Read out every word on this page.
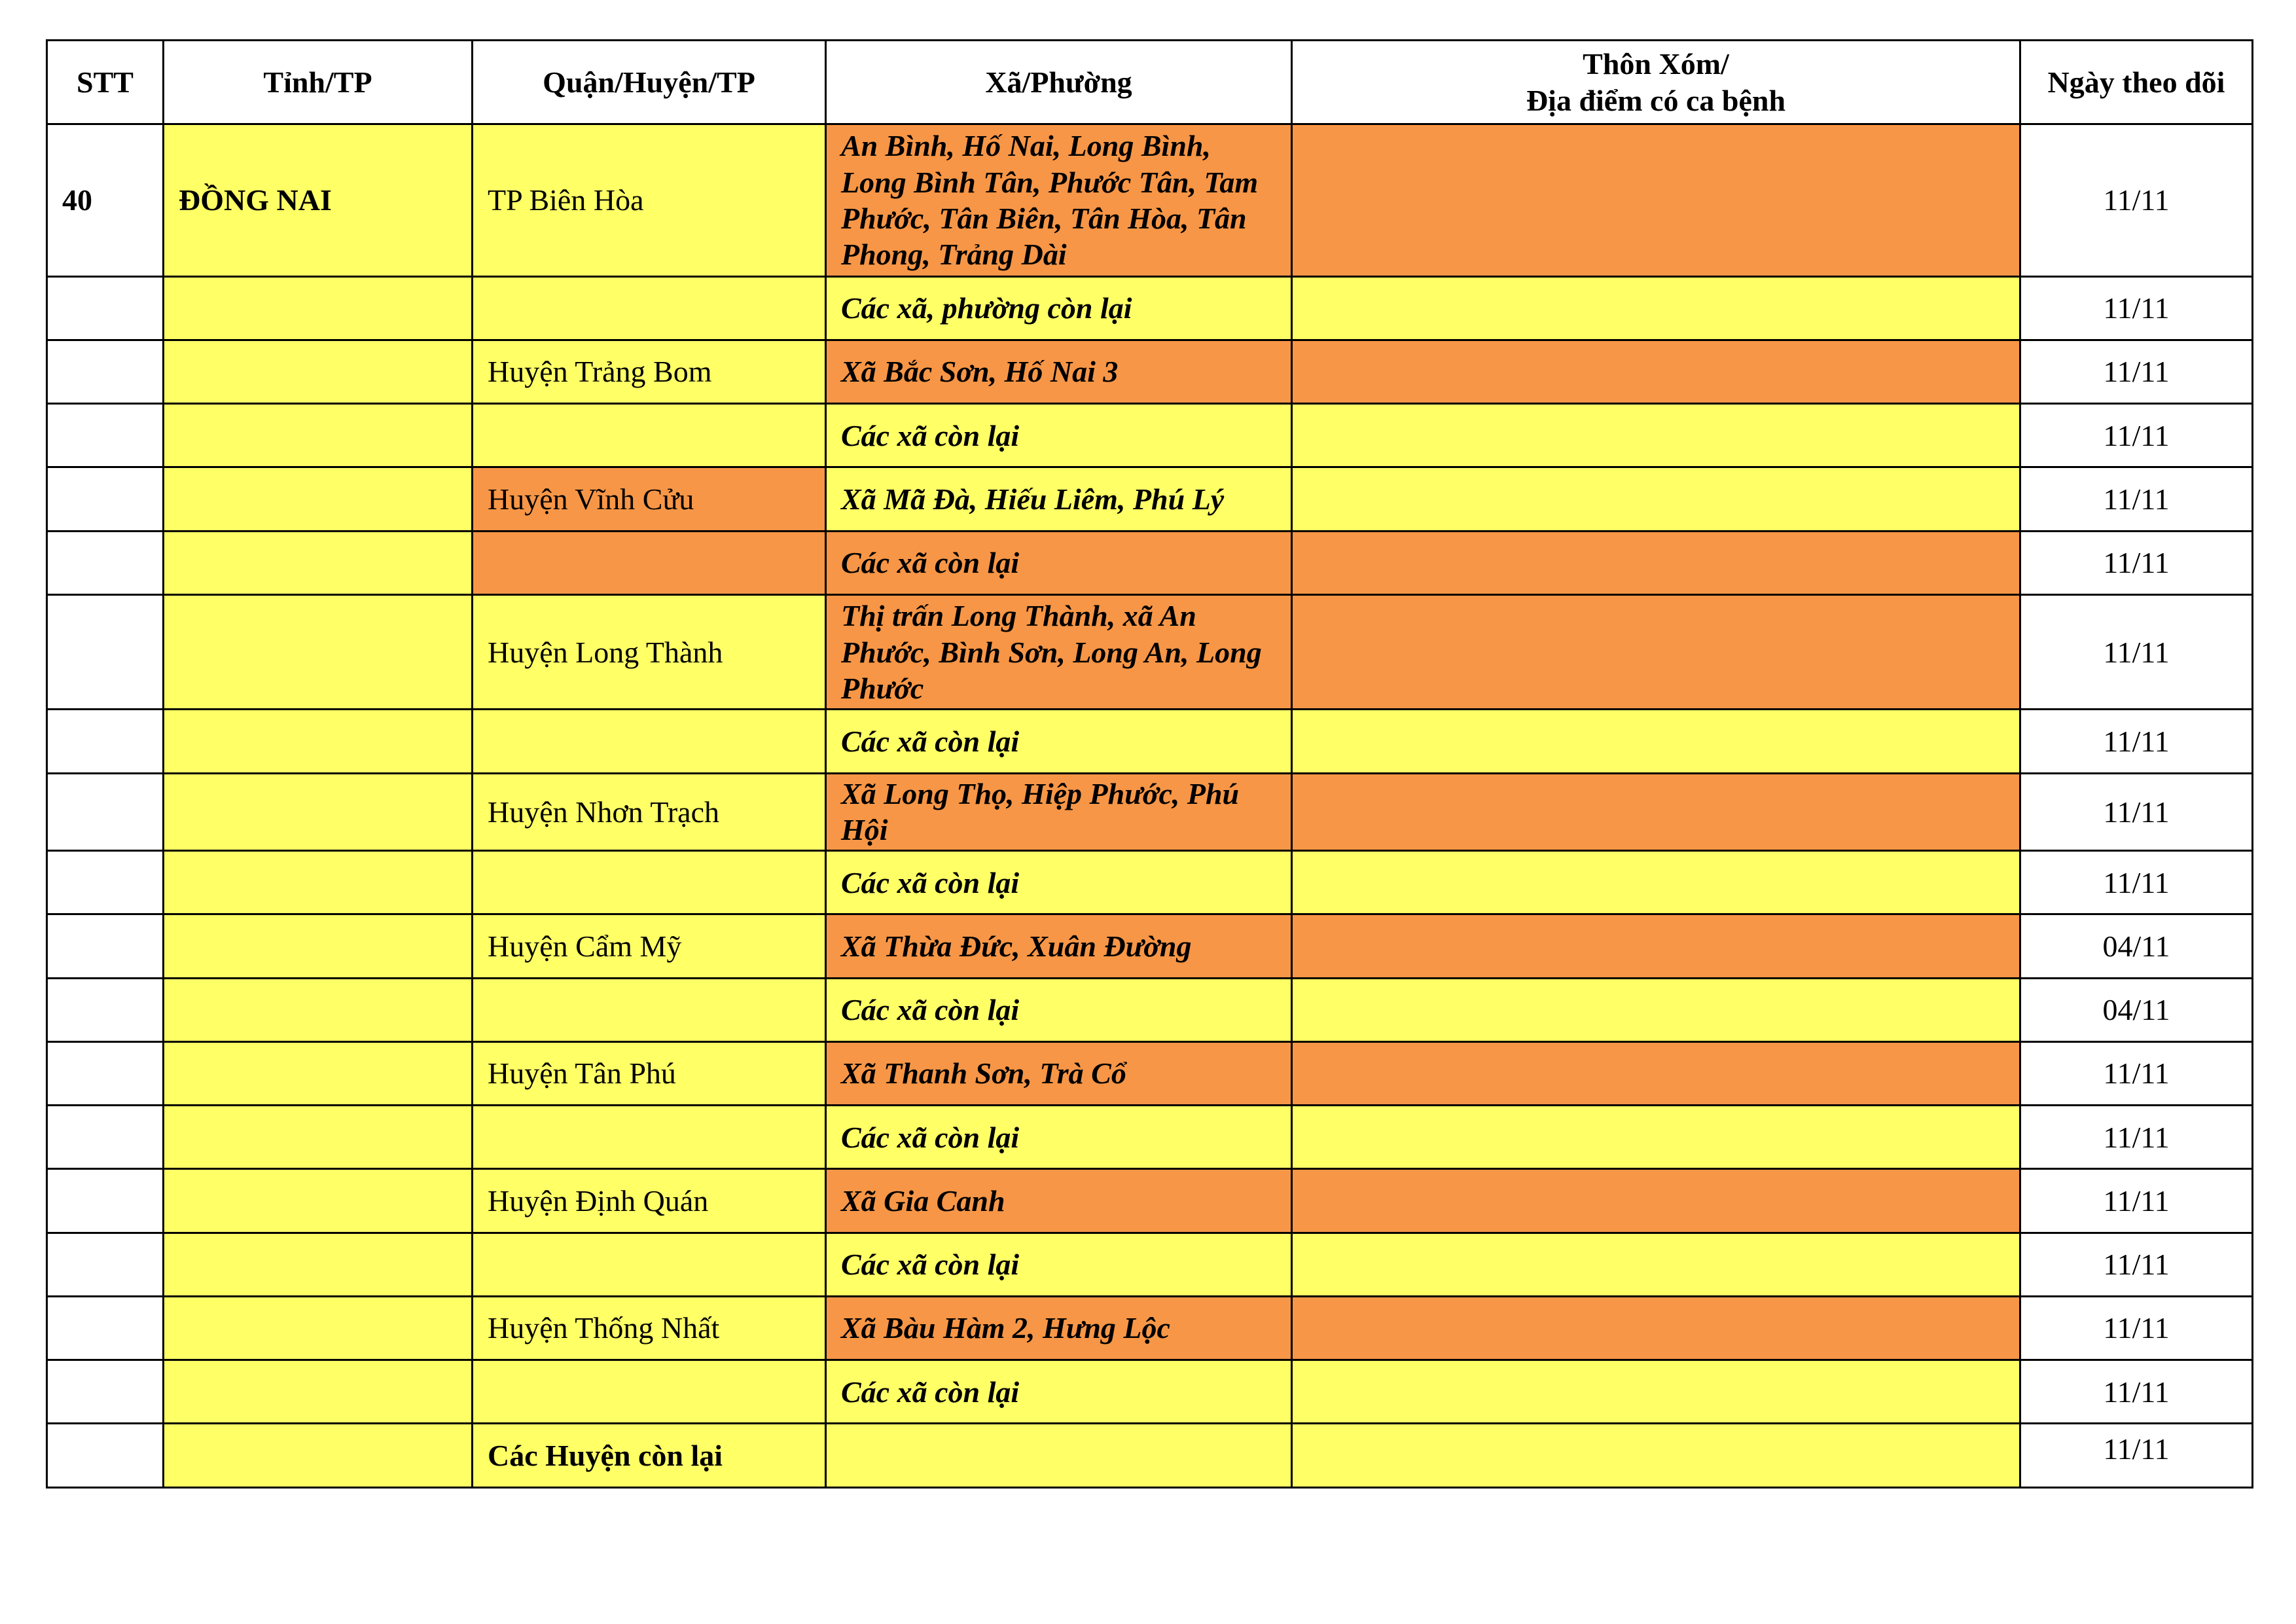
STT	Tỉnh/TP	Quận/Huyện/TP	Xã/Phường	Thôn Xóm/
Địa điểm có ca bệnh	Ngày theo dõi
40	ĐỒNG NAI	TP Biên Hòa	An Bình, Hố Nai, Long Bình, Long Bình Tân, Phước Tân, Tam Phước, Tân Biên, Tân Hòa, Tân Phong, Trảng Dài		11/11
			Các xã, phường còn lại		11/11
		Huyện Trảng Bom	Xã Bắc Sơn, Hố Nai 3		11/11
			Các xã còn lại		11/11
		Huyện Vĩnh Cửu	Xã Mã Đà, Hiếu Liêm, Phú Lý		11/11
			Các xã còn lại		11/11
		Huyện Long Thành	Thị trấn Long Thành, xã An Phước, Bình Sơn, Long An, Long Phước		11/11
			Các xã còn lại		11/11
		Huyện Nhơn Trạch	Xã Long Thọ, Hiệp Phước, Phú Hội		11/11
			Các xã còn lại		11/11
		Huyện Cẩm Mỹ	Xã Thừa Đức, Xuân Đường		04/11
			Các xã còn lại		04/11
		Huyện Tân Phú	Xã Thanh Sơn, Trà Cổ		11/11
			Các xã còn lại		11/11
		Huyện Định Quán	Xã Gia Canh		11/11
			Các xã còn lại		11/11
		Huyện Thống Nhất	Xã Bàu Hàm 2, Hưng Lộc		11/11
			Các xã còn lại		11/11
		Các Huyện còn lại			11/11
